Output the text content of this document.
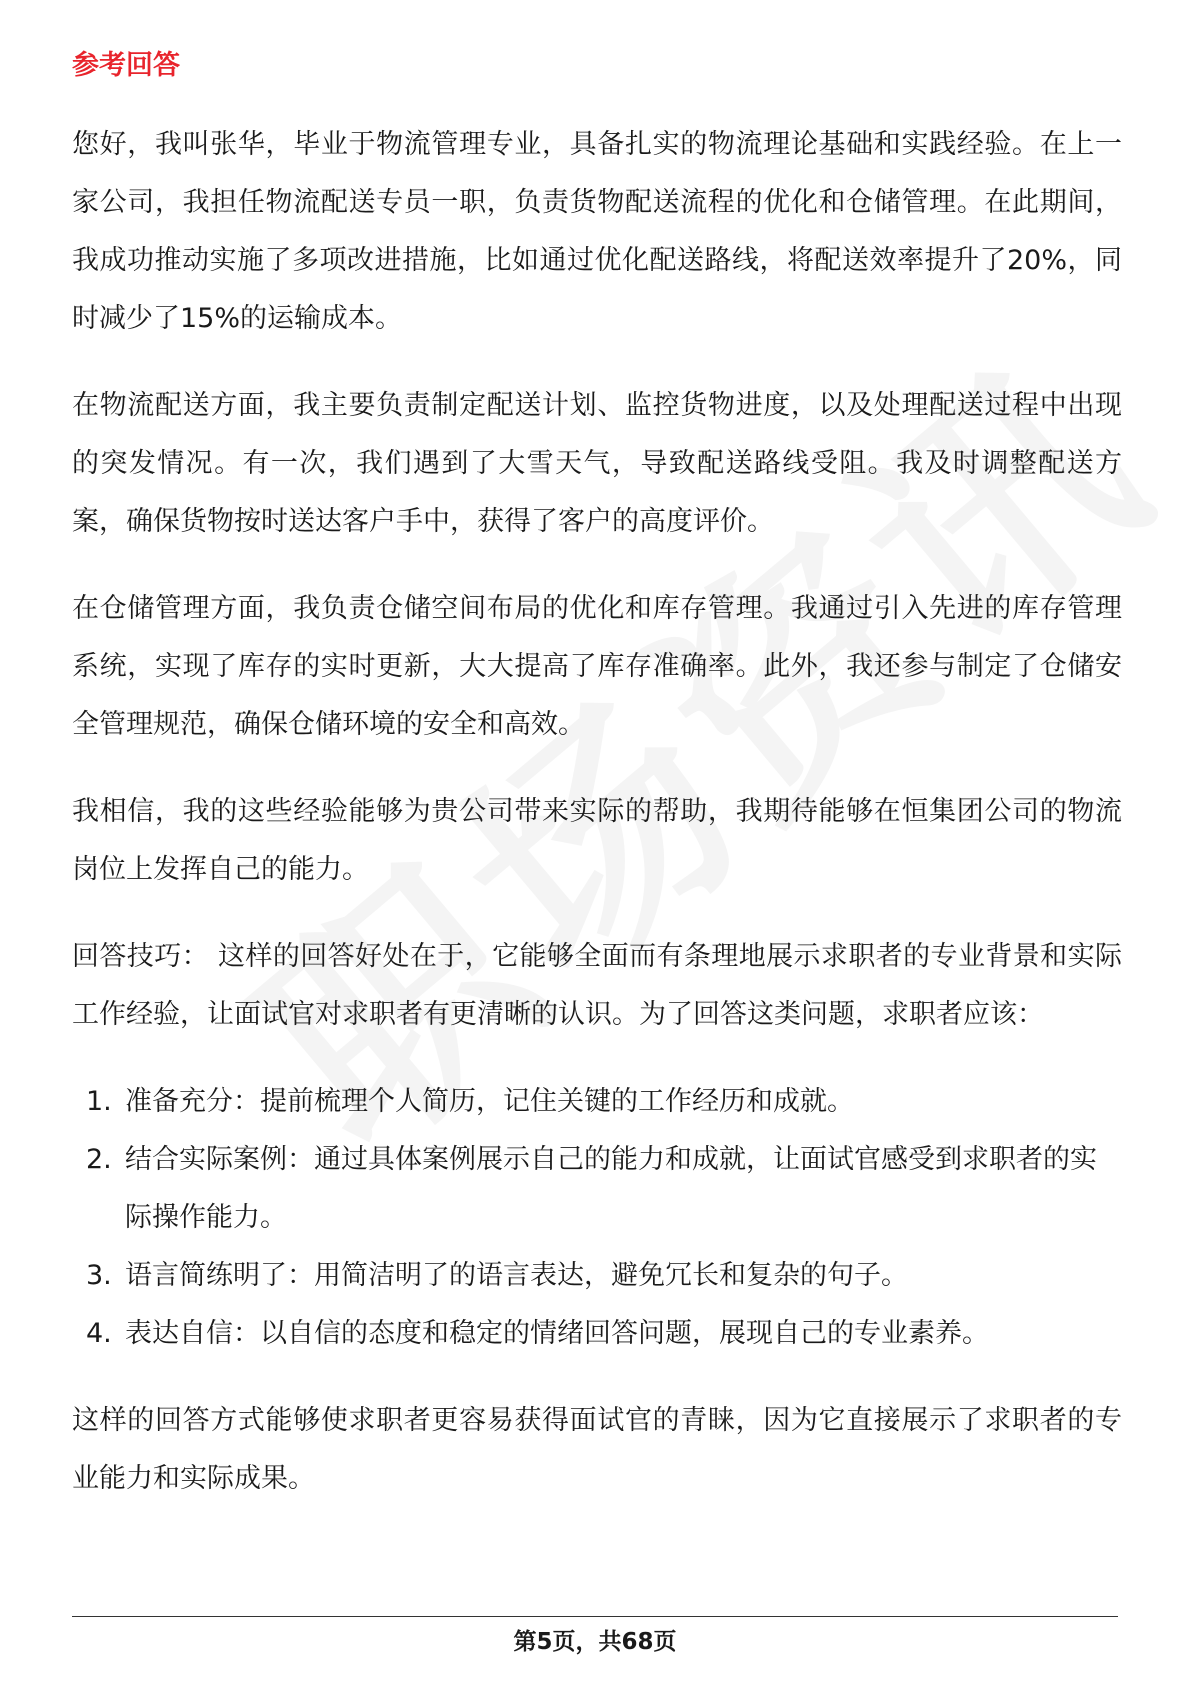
参考回答

您好，我叫张华，毕业于物流管理专业，具备扎实的物流理论基础和实践经验。在上一家公司，我担任物流配送专员一职，负责货物配送流程的优化和仓储管理。在此期间，我成功推动实施了多项改进措施，比如通过优化配送路线，将配送效率提升了20%，同时减少了15%的运输成本。

在物流配送方面，我主要负责制定配送计划、监控货物进度，以及处理配送过程中出现的突发情况。有一次，我们遇到了大雪天气，导致配送路线受阻。我及时调整配送方案，确保货物按时送达客户手中，获得了客户的高度评价。

在仓储管理方面，我负责仓储空间布局的优化和库存管理。我通过引入先进的库存管理系统，实现了库存的实时更新，大大提高了库存准确率。此外，我还参与制定了仓储安全管理规范，确保仓储环境的安全和高效。

我相信，我的这些经验能够为贵公司带来实际的帮助，我期待能够在恒集团公司的物流岗位上发挥自己的能力。

回答技巧： 这样的回答好处在于，它能够全面而有条理地展示求职者的专业背景和实际工作经验，让面试官对求职者有更清晰的认识。为了回答这类问题，求职者应该：

1. 准备充分：提前梳理个人简历，记住关键的工作经历和成就。
2. 结合实际案例：通过具体案例展示自己的能力和成就，让面试官感受到求职者的实际操作能力。
3. 语言简练明了：用简洁明了的语言表达，避免冗长和复杂的句子。
4. 表达自信：以自信的态度和稳定的情绪回答问题，展现自己的专业素养。

这样的回答方式能够使求职者更容易获得面试官的青睐，因为它直接展示了求职者的专业能力和实际成果。

第5页，共68页
